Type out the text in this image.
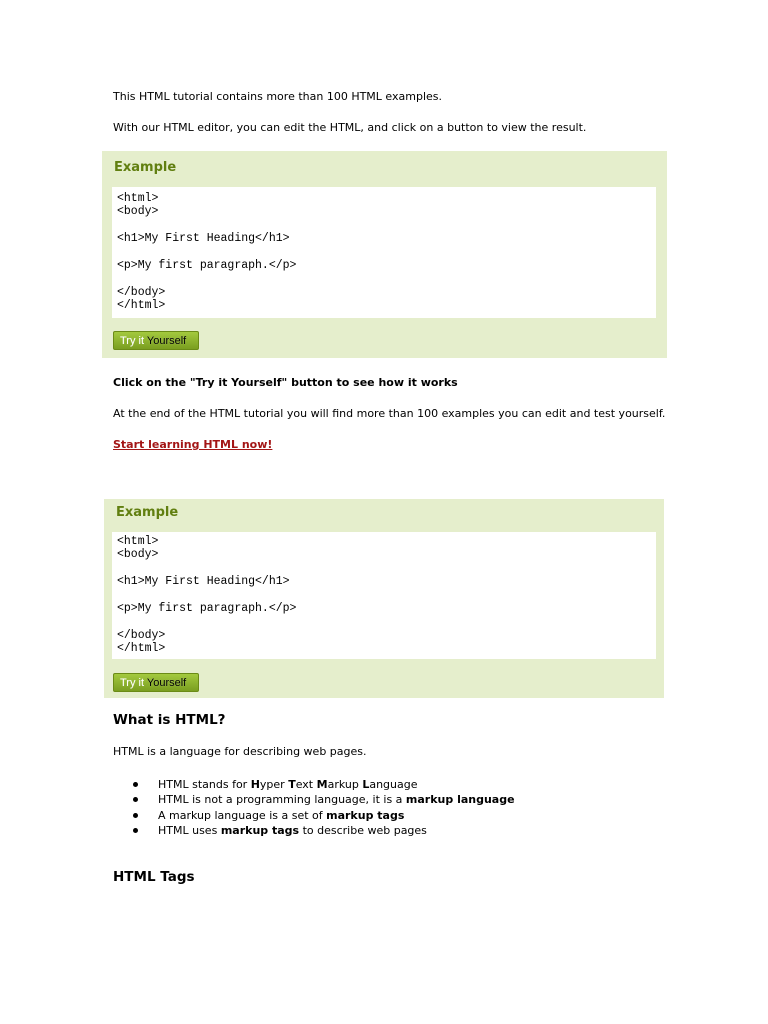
This HTML tutorial contains more than 100 HTML examples.
With our HTML editor, you can edit the HTML, and click on a button to view the result.
Example
<html>
<body>
<h1>My First Heading</h1>
<p>My first paragraph.</p>
</body>
</html>
Try it Yourself
Click on the "Try it Yourself" button to see how it works
At the end of the HTML tutorial you will find more than 100 examples you can edit and test yourself.
Start learning HTML now!
Example
<html>
<body>
<h1>My First Heading</h1>
<p>My first paragraph.</p>
</body>
</html>
Try it Yourself
What is HTML?
HTML is a language for describing web pages.
HTML stands for Hyper Text Markup Language
HTML is not a programming language, it is a markup language
A markup language is a set of markup tags
HTML uses markup tags to describe web pages
HTML Tags
